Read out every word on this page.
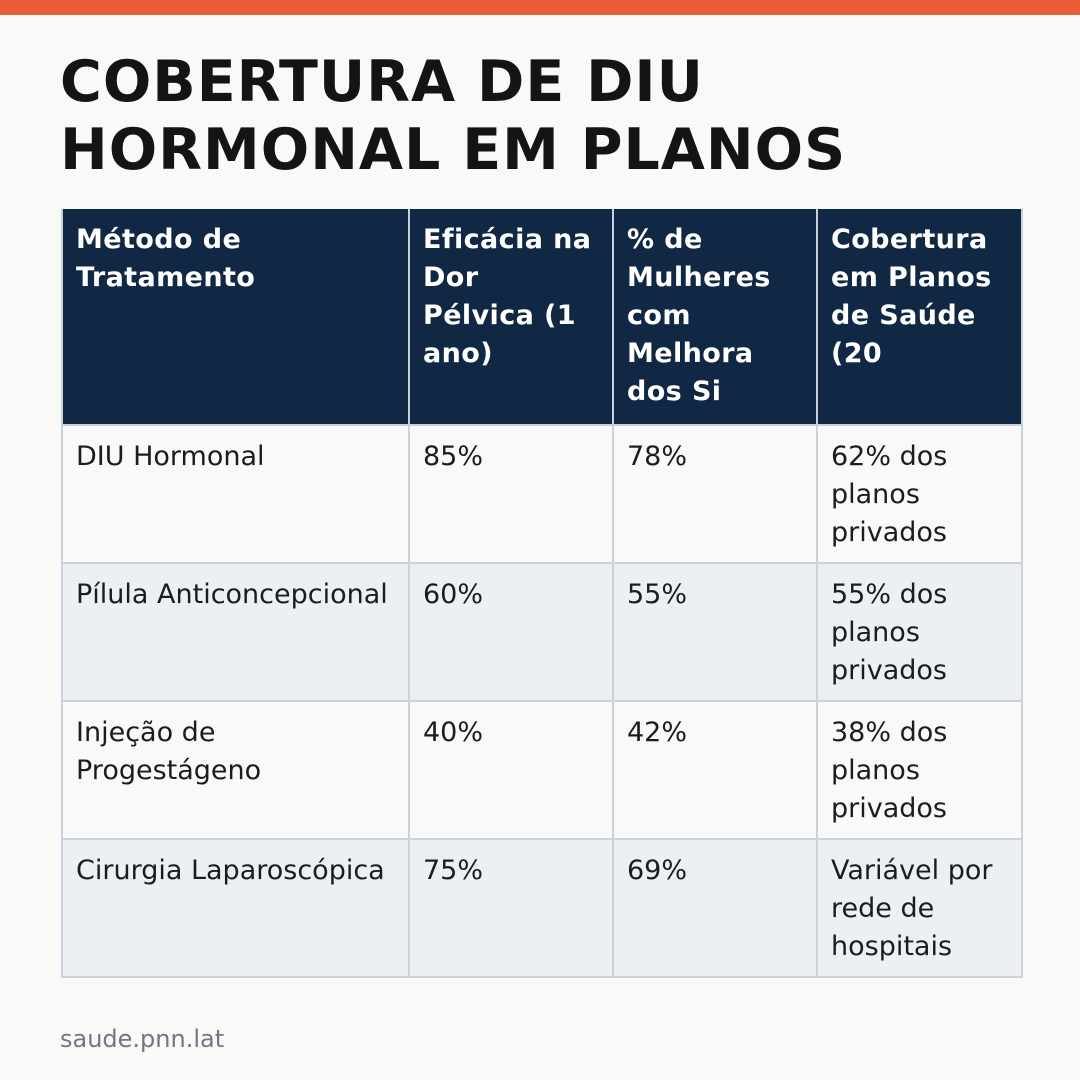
COBERTURA DE DIU HORMONAL EM PLANOS
Método de Tratamento	Eficácia na Dor Pélvica (1 ano)	% de Mulheres com Melhora dos Si	Cobertura em Planos de Saúde (20
DIU Hormonal	85%	78%	62% dos planos privados
Pílula Anticoncepcional	60%	55%	55% dos planos privados
Injeção de Progestágeno	40%	42%	38% dos planos privados
Cirurgia Laparoscópica	75%	69%	Variável por rede de hospitais

saude.pnn.lat
